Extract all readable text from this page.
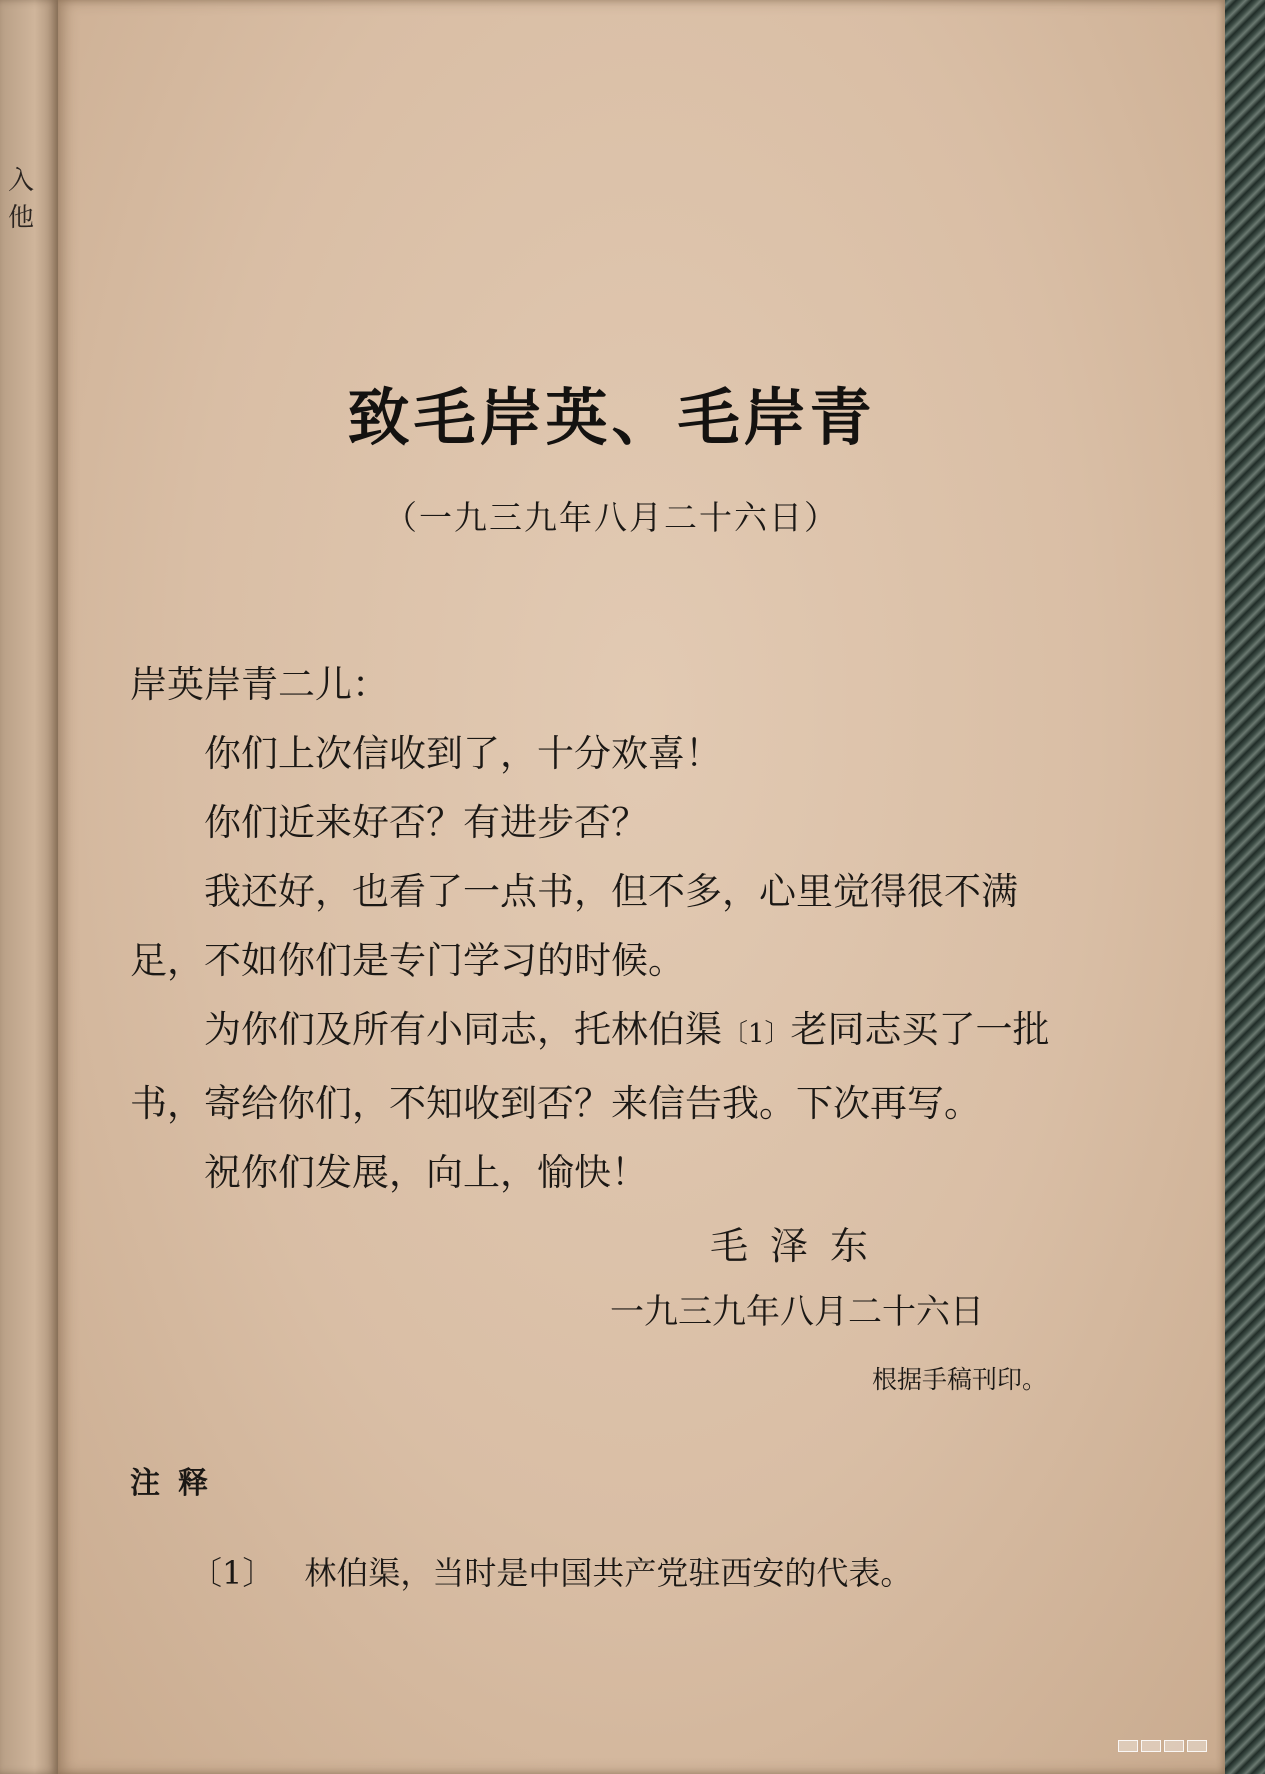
入他
致毛岸英、毛岸青
（一九三九年八月二十六日）

岸英岸青二儿：

你们上次信收到了，十分欢喜！

你们近来好否？有进步否？

我还好，也看了一点书，但不多，心里觉得很不满足，不如你们是专门学习的时候。

为你们及所有小同志，托林伯渠〔1〕老同志买了一批书，寄给你们，不知收到否？来信告我。下次再写。

祝你们发展，向上，愉快！

毛泽东
一九三九年八月二十六日
根据手稿刊印。
注释
〔1〕 林伯渠，当时是中国共产党驻西安的代表。
